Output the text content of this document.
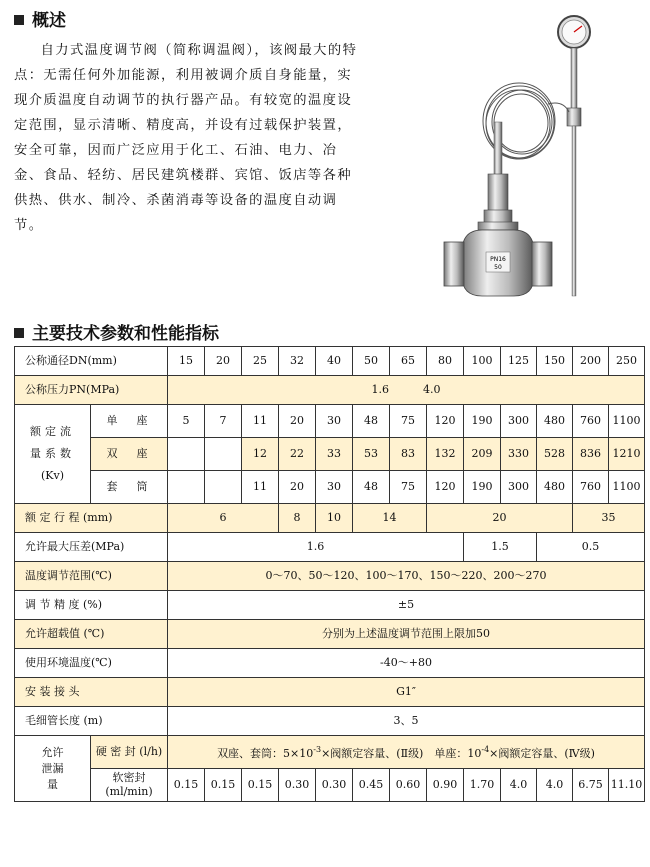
概述

自力式温度调节阀（简称调温阀），该阀最大的特点：无需任何外加能源，利用被调介质自身能量，实现介质温度自动调节的执行器产品。有较宽的温度设定范围，显示清晰、精度高，并设有过载保护装置，安全可靠，因而广泛应用于化工、石油、电力、冶金、食品、轻纺、居民建筑楼群、宾馆、饭店等各种供热、供水、制冷、杀菌消毒等设备的温度自动调节。

PN16
50
主要技术参数和性能指标
公称通径DN(mm)		15	20	25	32	40	50	65	80	100	125	150	200	250
公称压力PN(MPa)		1.6 4.0												
额定流
量系数
(Kv)	单　座	5	7	11	20	30	48	75	120	190	300	480	760	1100
	双　座			12	22	33	53	83	132	209	330	528	836	1210
	套　筒			11	20	30	48	75	120	190	300	480	760	1100
额 定 行 程 (mm)		6			8	10	14		20				35	
允许最大压差(MPa)		1.6								1.5		0.5		
温度调节范围(℃)		0～70、50～120、100～170、150～220、200～270												
调 节 精 度 (%)		±5												
允许超载值 (℃)		分别为上述温度调节范围上限加50												
使用环境温度(℃)		-40～+80												
安 装 接 头		G1″												
毛细管长度 (m)		3、5												
允许
泄漏
量	硬 密 封 (l/h)	双座、套筒：$5\times 10^{-3}\times$阀额定容量、(Ⅱ级)　单座：$10^{-4}\times$阀额定容量、(Ⅳ级)												
	软密封(ml/min)	0.15	0.15	0.15	0.30	0.30	0.45	0.60	0.90	1.70	4.0	4.0	6.75	11.10
